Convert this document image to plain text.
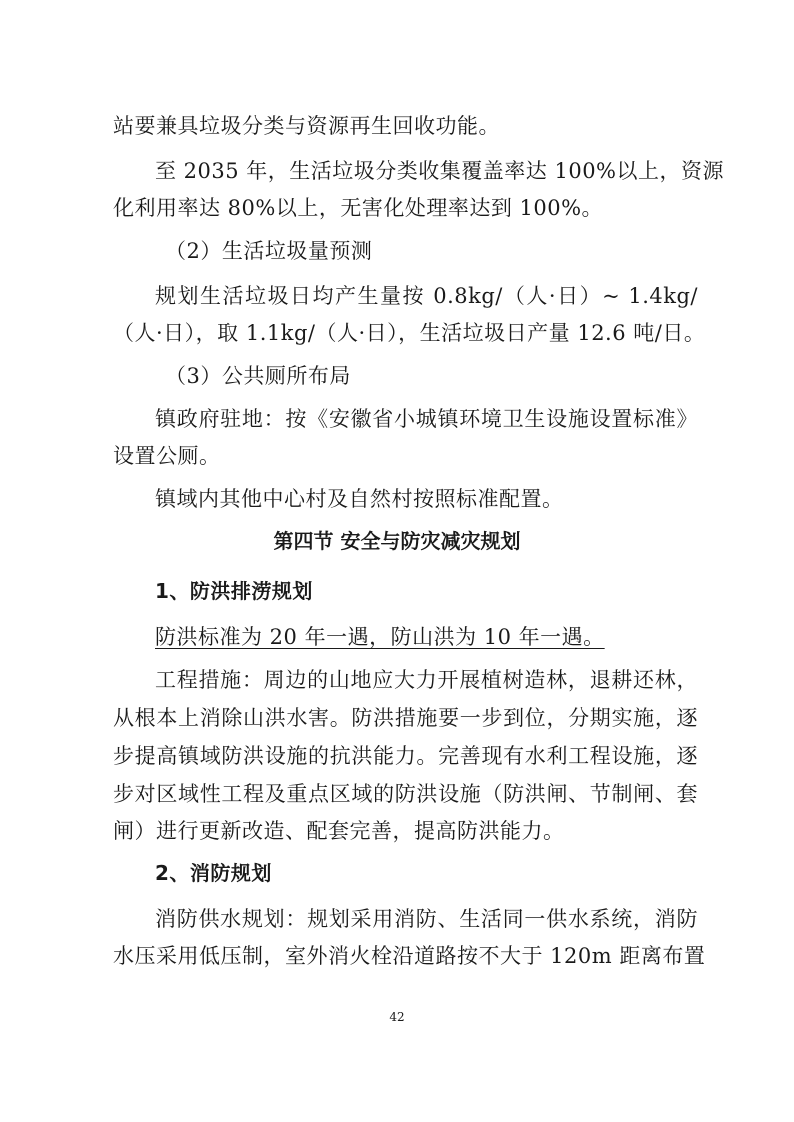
站要兼具垃圾分类与资源再生回收功能。

至 2035 年，生活垃圾分类收集覆盖率达 100%以上，资源

化利用率达 80%以上，无害化处理率达到 100%。

（2）生活垃圾量预测

规划生活垃圾日均产生量按 0.8kg/（人·日）~ 1.4kg/

（人·日），取 1.1kg/（人·日），生活垃圾日产量 12.6 吨/日。

（3）公共厕所布局

镇政府驻地：按《安徽省小城镇环境卫生设施设置标准》

设置公厕。

镇域内其他中心村及自然村按照标准配置。

第四节 安全与防灾减灾规划

1、防洪排涝规划

防洪标准为 20 年一遇，防山洪为 10 年一遇。

工程措施：周边的山地应大力开展植树造林，退耕还林，

从根本上消除山洪水害。防洪措施要一步到位，分期实施，逐

步提高镇域防洪设施的抗洪能力。完善现有水利工程设施，逐

步对区域性工程及重点区域的防洪设施（防洪闸、节制闸、套

闸）进行更新改造、配套完善，提高防洪能力。

2、消防规划

消防供水规划：规划采用消防、生活同一供水系统，消防

水压采用低压制，室外消火栓沿道路按不大于 120m 距离布置

42
